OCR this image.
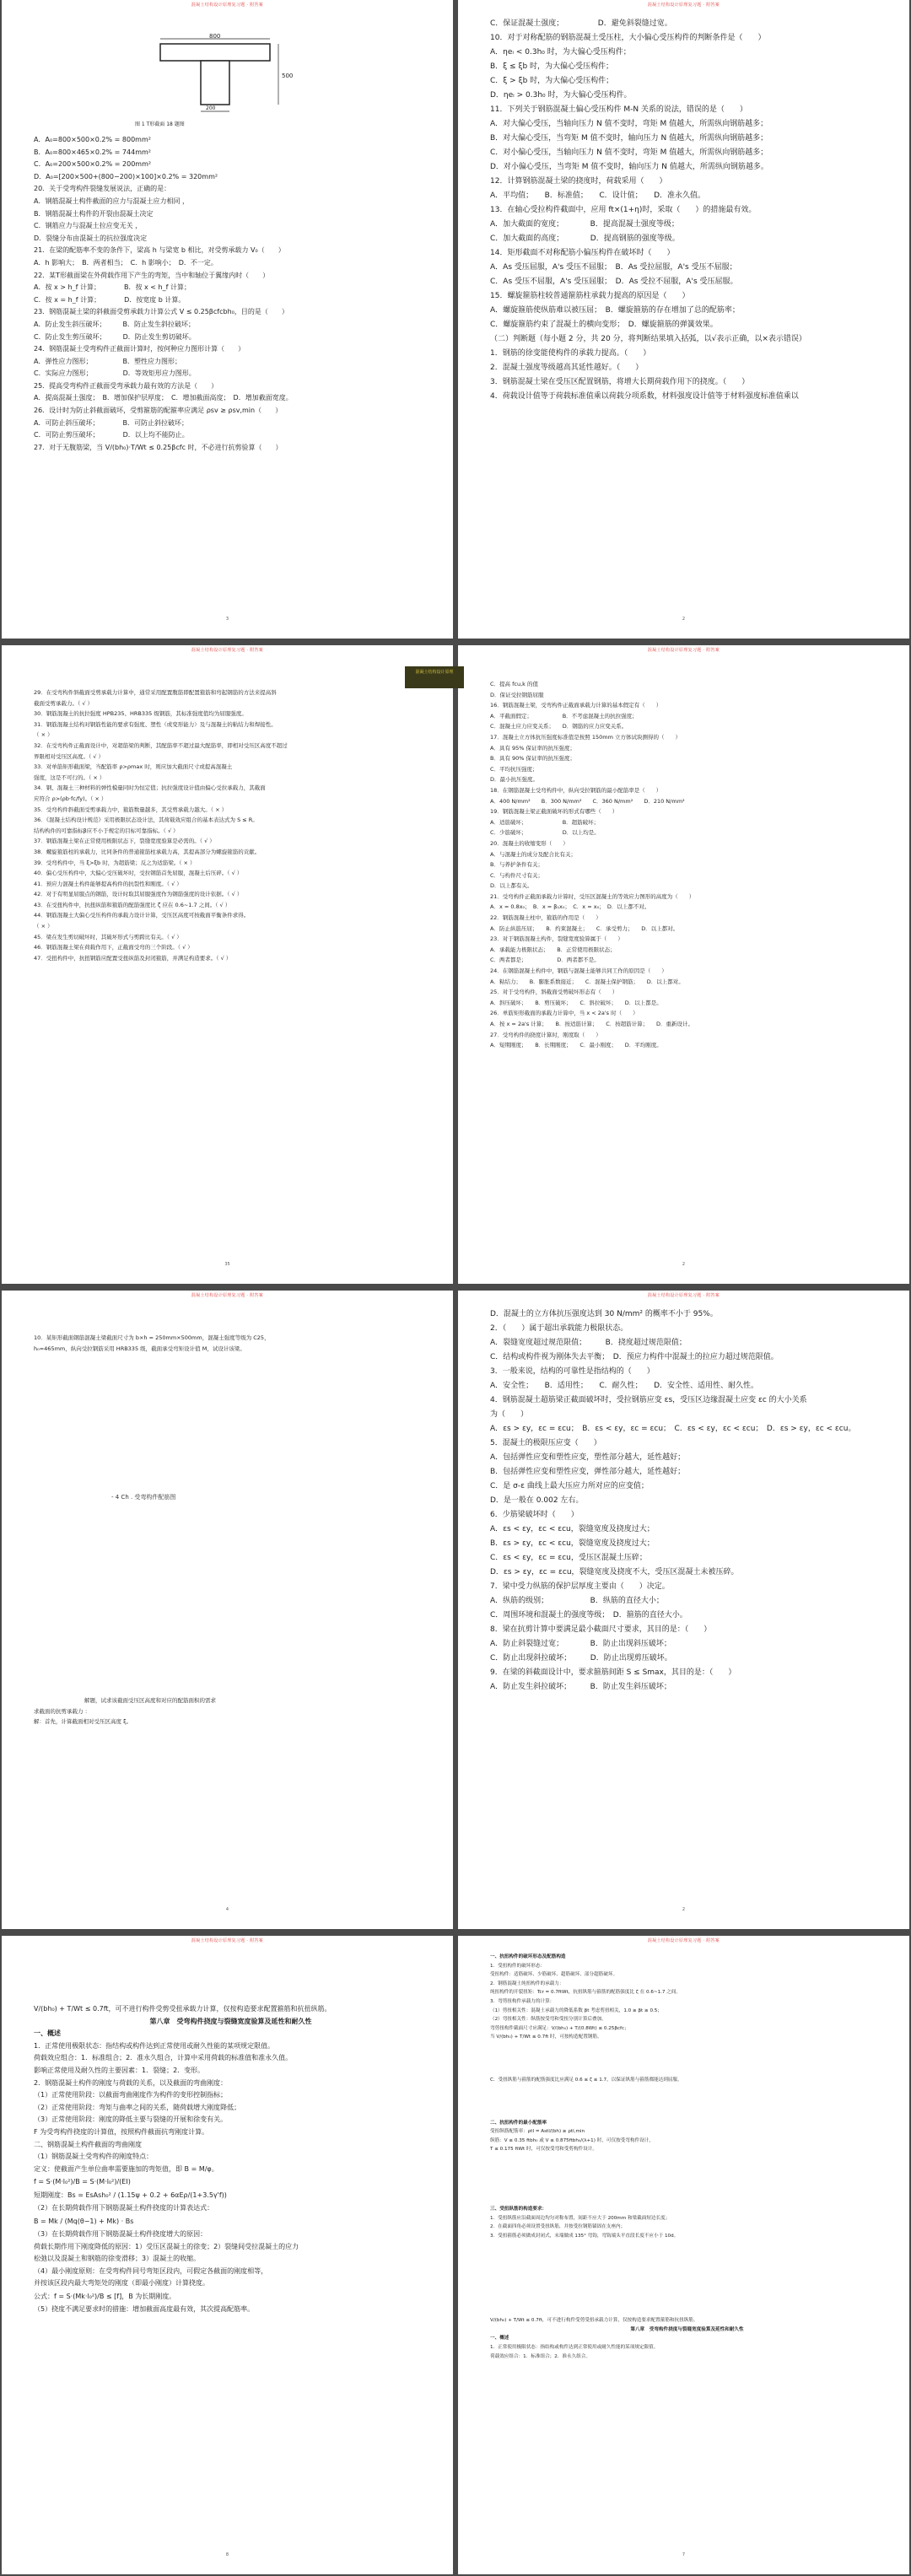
混凝土结构设计原理复习题 · 附答案
800
500
200
图 1 T形截面 18 题图
A．A₀=800×500×0.2% = 800mm²
B．A₀=800×465×0.2% = 744mm²
C．A₀=200×500×0.2% = 200mm²
D．A₀=[200×500+(800−200)×100]×0.2% = 320mm²
20．关于受弯构件裂缝发展说法，正确的是：
A．钢筋混凝土构件截面的应力与混凝土应力相同 ，
B．钢筋混凝土构件的开裂由混凝土决定
C．钢筋应力与混凝土拉应变无关 ，
D．裂缝分布由混凝土的抗拉强度决定
21．在梁的配筋率不变的条件下，梁高 h 与梁宽 b 相比，对受剪承载力 V₀（　　）
A．h 影响大；　B．两者相当；　C．h 影响小；　D．不一定。
22．某T形截面梁在外荷载作用下产生的弯矩，当中和轴位于翼缘内时（　　）
A．按 x > h_f 计算；　　　　B．按 x < h_f 计算；
C．按 x = h_f 计算；　　　　D．按宽度 b 计算。
23．钢筋混凝土梁的斜截面受剪承载力计算公式 V ≤ 0.25βcfcbh₀，目的是（　　）
A．防止发生斜压破坏；　　　B．防止发生斜拉破坏；
C．防止发生剪压破坏；　　　D．防止发生剪切破坏。
24．钢筋混凝土受弯构件正截面计算时，按何种应力图形计算（　　）
A．弹性应力图形；　　　　　B．塑性应力图形；
C．实际应力图形；　　　　　D．等效矩形应力图形。
25．提高受弯构件正截面受弯承载力最有效的方法是（　　）
A．提高混凝土强度；　B．增加保护层厚度；　C．增加截面高度；　D．增加截面宽度。
26．设计时为防止斜截面破坏，受剪箍筋的配箍率应满足 ρsv ≥ ρsv,min（　　）
A．可防止斜压破坏；　　　　B．可防止斜拉破坏；
C．可防止剪压破坏；　　　　D．以上均不能防止。
27．对于无腹筋梁，当 V/(bh₀)·T/Wt ≤ 0.25βcfc 时，不必进行抗剪验算（　　）
3
混凝土结构设计原理复习题 · 附答案
C．保证混凝土强度；　　　　　D．避免斜裂缝过宽。
10．对于对称配筋的钢筋混凝土受压柱，大小偏心受压构件的判断条件是（　　）
A．ηeᵢ < 0.3h₀ 时，为大偏心受压构件；
B．ξ ≤ ξb 时，为大偏心受压构件；
C．ξ > ξb 时，为大偏心受压构件；
D．ηeᵢ > 0.3h₀ 时，为大偏心受压构件。
11．下列关于钢筋混凝土偏心受压构件 M-N 关系的说法，错误的是（　　）
A．对大偏心受压，当轴向压力 N 值不变时，弯矩 M 值越大，所需纵向钢筋越多；
B．对大偏心受压，当弯矩 M 值不变时，轴向压力 N 值越大，所需纵向钢筋越多；
C．对小偏心受压，当轴向压力 N 值不变时，弯矩 M 值越大，所需纵向钢筋越多；
D．对小偏心受压，当弯矩 M 值不变时，轴向压力 N 值越大，所需纵向钢筋越多。
12．计算钢筋混凝土梁的挠度时，荷载采用（　　）
A．平均值；　　B．标准值；　　C．设计值；　　D．准永久值。
13．在轴心受拉构件截面中，应用 ft×(1+η)时，采取（　　）的措施最有效。
A．加大截面的宽度；　　　　B．提高混凝土强度等级；
C．加大截面的高度；　　　　D．提高钢筋的强度等级。
14．矩形截面不对称配筋小偏压构件在破坏时（　　）
A．As 受压屈服，A's 受压不屈服；　B．As 受拉屈服，A's 受压不屈服；
C．As 受压不屈服，A's 受压屈服；　D．As 受拉不屈服，A's 受压屈服。
15．螺旋箍筋柱较普通箍筋柱承载力提高的原因是（　　）
A．螺旋箍筋使纵筋难以被压屈；　B．螺旋箍筋的存在增加了总的配筋率；
C．螺旋箍筋约束了混凝土的横向变形；　D．螺旋箍筋的弹簧效果。
（二）判断题（每小题 2 分，共 20 分，将判断结果填入括弧，以√表示正确，以×表示错误）
1．钢筋的徐变能使构件的承载力提高。（　　）
2．混凝土强度等级越高其延性越好。（　　）
3．钢筋混凝土梁在受压区配置钢筋，将增大长期荷载作用下的挠度。（　　）
4．荷载设计值等于荷载标准值乘以荷载分项系数，材料强度设计值等于材料强度标准值乘以
2
混凝土结构设计原理复习题 · 附答案
29．在受弯构件斜截面受剪承载力计算中，通常采用配置腹筋即配置箍筋和弯起钢筋的方法来提高斜
截面受剪承载力。（ √ ）
30．钢筋混凝土的抗拉强度 HPB235、HRB335 级钢筋，其标准强度值均为屈服强度。
31．钢筋混凝土结构对钢筋性能的要求有强度、塑性（或变形能力）及与混凝土的粘结力和焊接性。
（ × ）
32．在受弯构件正截面设计中，对超筋梁的判断，其配筋率不超过最大配筋率，即相对受压区高度不超过
界限相对受压区高度。（ √ ）
33．对单筋矩形截面梁，当配筋率 ρ>ρmax 时，则应加大截面尺寸或提高混凝土
强度，这是不可行的。（ × ）
34．钢、混凝土三种材料的弹性模量同时为恒定值；抗拉强度设计值由偏心受拉承载力，其截面
应符合 ρ>(ρb·fc/fy)。（ × ）
35．受弯构件斜截面受剪承载力中，箍筋数量越多，其受剪承载力越大。（ × ）
36．《混凝土结构设计规范》采用极限状态设计法，其荷载效应组合的基本表达式为 S ≤ R。
结构构件的可靠指标β应不小于规定的目标可靠指标。（ √ ）
37．钢筋混凝土梁在正常使用极限状态下，裂缝宽度验算是必需的。（ √ ）
38．螺旋箍筋柱的承载力，比同条件的普通箍筋柱承载力高，其提高部分为螺旋箍筋的贡献。
39．受弯构件中，当 ξ>ξb 时，为超筋梁；反之为适筋梁。（ × ）
40．偏心受压构件中，大偏心受压破坏时，受拉钢筋首先屈服，混凝土后压碎。（ √ ）
41．预应力混凝土构件能够提高构件的抗裂性和刚度。（ √ ）
42．对于有明显屈服点的钢筋，设计时取其屈服强度作为钢筋强度的设计依据。（ √ ）
43．在受扭构件中，抗扭纵筋和箍筋的配筋强度比 ζ 应在 0.6~1.7 之间。（ √ ）
44．钢筋混凝土大偏心受压构件的承载力设计计算，受压区高度可按截面平衡条件求得。
（ × ）
45．梁在发生剪切破坏时，其破坏形式与剪跨比有关。（ √ ）
46．钢筋混凝土梁在荷载作用下，正截面受弯的三个阶段。（ √ ）
47．受扭构件中，抗扭钢筋应配置受扭纵筋及封闭箍筋，并满足构造要求。（ √ ）
35
混凝土结构设计原理复习题 · 附答案
C．提高 fcu,k 的值
D．保证受拉钢筋屈服
16．钢筋混凝土梁，受弯构件正截面承载力计算的基本假定有（　　）
A．平截面假定；　　　　　　B．不考虑混凝土的抗拉强度；
C．混凝土应力应变关系；　　D．钢筋的应力应变关系。
17．混凝土立方体抗压强度标准值是按照 150mm 立方体试块测得的（　　）
A．具有 95% 保证率的抗压强度；
B．具有 90% 保证率的抗压强度；
C．平均抗压强度；
D．最小抗压强度。
18．在钢筋混凝土受弯构件中，纵向受拉钢筋的最小配筋率是（　　）
A．400 N/mm²　　B．300 N/mm²　　C．360 N/mm²　　D．210 N/mm²
19．钢筋混凝土梁正截面破坏的形式有哪些（　　）
A．适筋破坏；　　　　　　　B．超筋破坏；
C．少筋破坏；　　　　　　　D．以上均是。
20．混凝土的收缩变形（　　）
A．与混凝土的成分及配合比有关；
B．与养护条件有关；
C．与构件尺寸有关；
D．以上都有关。
21．受弯构件正截面承载力计算时，受压区混凝土的等效应力图形的高度为（　　）
A．x = 0.8x₀；　B．x = β₁x₀；　C．x = x₀；　D．以上都不对。
22．钢筋混凝土柱中，箍筋的作用是（　　）
A．防止纵筋压屈；　　B．约束混凝土；　　C．承受剪力；　　D．以上都对。
23．对于钢筋混凝土构件，裂缝宽度验算属于（　　）
A．承载能力极限状态；　　B．正常使用极限状态；
C．两者都是；　　　　　　D．两者都不是。
24．在钢筋混凝土构件中，钢筋与混凝土能够共同工作的原因是（　　）
A．粘结力；　　B．膨胀系数接近；　　C．混凝土保护钢筋；　　D．以上都对。
25．对于受弯构件，斜截面受剪破坏形态有（　　）
A．斜压破坏；　　B．剪压破坏；　　C．斜拉破坏；　　D．以上都是。
26．单筋矩形截面的承载力计算中，当 x < 2a's 时（　　）
A．按 x = 2a's 计算；　　B．按适筋计算；　　C．按超筋计算；　　D．重新设计。
27．受弯构件的挠度计算时，刚度取（　　）
A．短期刚度；　　B．长期刚度；　　C．最小刚度；　　D．平均刚度。
2
混凝土结构设计原理
混凝土结构设计原理复习题 · 附答案
10．某矩形截面钢筋混凝土梁截面尺寸为 b×h = 250mm×500mm，混凝土强度等级为 C25，
h₀=465mm，纵向受拉钢筋采用 HRB335 级，截面承受弯矩设计值 M，试设计该梁。
- 4 Ch . 受弯构件配筋图
解题，试求该截面受压区高度和对应的配筋面积的需求
求截面的抗剪承载力 ：
解：首先，计算截面相对受压区高度 ξ。
4
混凝土结构设计原理复习题 · 附答案
D．混凝土的立方体抗压强度达到 30 N/mm² 的概率不小于 95%。
2．（　　）属于超出承载能力极限状态。
A．裂缝宽度超过规范限值；　　　B．挠度超过规范限值；
C．结构或构件视为刚体失去平衡；　D．预应力构件中混凝土的拉应力超过规范限值。
3．一般来说，结构的可靠性是指结构的（　　）
A．安全性；　　B．适用性；　　C．耐久性；　　D．安全性、适用性、耐久性。
4．钢筋混凝土超筋梁正截面破坏时，受拉钢筋应变 εs，受压区边缘混凝土应变 εc 的大小关系
为（　　）
A．εs > εy，εc = εcu；　B．εs < εy，εc = εcu；　C．εs < εy，εc < εcu；　D．εs > εy，εc < εcu。
5．混凝土的极限压应变（　　）
A．包括弹性应变和塑性应变，塑性部分越大，延性越好；
B．包括弹性应变和塑性应变，弹性部分越大，延性越好；
C．是 σ-ε 曲线上最大压应力所对应的应变值；
D．是一般在 0.002 左右。
6．少筋梁破坏时（　　）
A．εs < εy，εc < εcu，裂缝宽度及挠度过大；
B．εs > εy，εc < εcu，裂缝宽度及挠度过大；
C．εs < εy，εc = εcu，受压区混凝土压碎；
D．εs > εy，εc = εcu，裂缝宽度及挠度不大，受压区混凝土未被压碎。
7．梁中受力纵筋的保护层厚度主要由（　　）决定。
A．纵筋的级别；　　　　　　B．纵筋的直径大小；
C．周围环境和混凝土的强度等级；　D．箍筋的直径大小。
8．梁在抗剪计算中要满足最小截面尺寸要求，其目的是：（　　）
A．防止斜裂缝过宽；　　　　B．防止出现斜压破坏；
C．防止出现斜拉破坏；　　　D．防止出现剪压破坏。
9．在梁的斜截面设计中，要求箍筋间距 S ≤ Smax，其目的是：（　　）
A．防止发生斜拉破坏；　　　B．防止发生斜压破坏；
2
混凝土结构设计原理复习题 · 附答案
V/(bh₀) + T/Wt ≤ 0.7ft，可不进行构件受剪受扭承载力计算，仅按构造要求配置箍筋和抗扭纵筋。
第八章　受弯构件挠度与裂缝宽度验算及延性和耐久性
一、概述
1．正常使用极限状态：指结构或构件达到正常使用或耐久性能的某项规定限值。
荷载效应组合：1．标准组合；2．准永久组合，计算中采用荷载的标准值和准永久值。
影响正常使用及耐久性的主要因素：1．裂缝；2．变形。
2．钢筋混凝土构件的刚度与荷载的关系，以及截面的弯曲刚度：
（1）正常使用阶段：以截面弯曲刚度作为构件的变形控制指标；
（2）正常使用阶段：弯矩与曲率之间的关系，随荷载增大刚度降低；
（3）正常使用阶段：刚度的降低主要与裂缝的开展和徐变有关。
F 为受弯构件挠度的计算值，按照构件截面抗弯刚度计算。
二、钢筋混凝土构件截面的弯曲刚度
（1）钢筋混凝土受弯构件的刚度特点：
定义：使截面产生单位曲率需要施加的弯矩值，即 B = M/φ。
f = S·(M·l₀²)/B = S·(M·l₀²)/(EI)
短期刚度：Bs = EsAsh₀² / (1.15ψ + 0.2 + 6αEρ/(1+3.5γ'f))
（2）在长期荷载作用下钢筋混凝土构件挠度的计算表达式：
B = Mk / (Mq(θ−1) + Mk) · Bs
（3）在长期荷载作用下钢筋混凝土构件挠度增大的原因：
荷载长期作用下刚度降低的原因：1）受压区混凝土的徐变；2）裂缝间受拉混凝土的应力
松弛以及混凝土和钢筋的徐变滑移；3）混凝土的收缩。
（4）最小刚度原则：在受弯构件同号弯矩区段内，可假定各截面的刚度相等，
并按该区段内最大弯矩处的刚度（即最小刚度）计算挠度。
公式：f = S·(Mk·l₀²)/B ≤ [f]，B 为长期刚度。
（5）挠度不满足要求时的措施：增加截面高度最有效，其次提高配筋率。
8
混凝土结构设计原理复习题 · 附答案
一、抗扭构件的破坏形态及配筋构造
1．受扭构件的破坏形态：
受扭构件：适筋破坏、少筋破坏、超筋破坏、部分超筋破坏。
2．钢筋混凝土纯扭构件的承载力：
纯扭构件的开裂扭矩：Tcr = 0.7ftWt，抗扭纵筋与箍筋的配筋强度比 ζ 在 0.6~1.7 之间。
3．弯剪扭构件承载力的计算：
（1）剪扭相关性：混凝土承载力的降低系数 βt 考虑剪扭相关，1.0 ≥ βt ≥ 0.5；
（2）弯扭相关性：纵筋按受弯和受扭分别计算后叠加。
弯剪扭构件截面尺寸应满足：V/(bh₀) + T/(0.8Wt) ≤ 0.25βcfc；
当 V/(bh₀) + T/Wt ≤ 0.7ft 时，可按构造配置钢筋。
C．受扭纵筋与箍筋的配筋强度比应满足 0.6 ≤ ζ ≤ 1.7，以保证纵筋与箍筋都能达到屈服。
二、抗扭构件的最小配筋率
受扭纵筋配筋率：ρtl = Astl/(bh) ≥ ρtl,min
纵筋：V ≤ 0.35 ftbh₀ 或 V ≤ 0.875ftbh₀/(λ+1) 时，可仅按受弯构件设计，
T ≤ 0.175 ftWt 时，可仅按受弯和受剪构件设计。
三、受扭纵筋的构造要求：
1．受扭纵筋应沿截面周边均匀对称布置，间距不应大于 200mm 和梁截面短边长度；
2．在截面四角必须设置受扭纵筋，并按受拉钢筋锚固在支座内；
3．受扭箍筋必须做成封闭式，末端做成 135° 弯钩，弯钩端头平直段长度不应小于 10d。
V/(bh₀) + T/Wt ≤ 0.7ft，可不进行构件受剪受扭承载力计算，仅按构造要求配置箍筋和抗扭纵筋。
第八章　受弯构件挠度与裂缝宽度验算及延性和耐久性
一、概述
1．正常使用极限状态：指结构或构件达到正常使用或耐久性能的某项规定限值。
荷载效应组合：1．标准组合；2．准永久组合。
7
